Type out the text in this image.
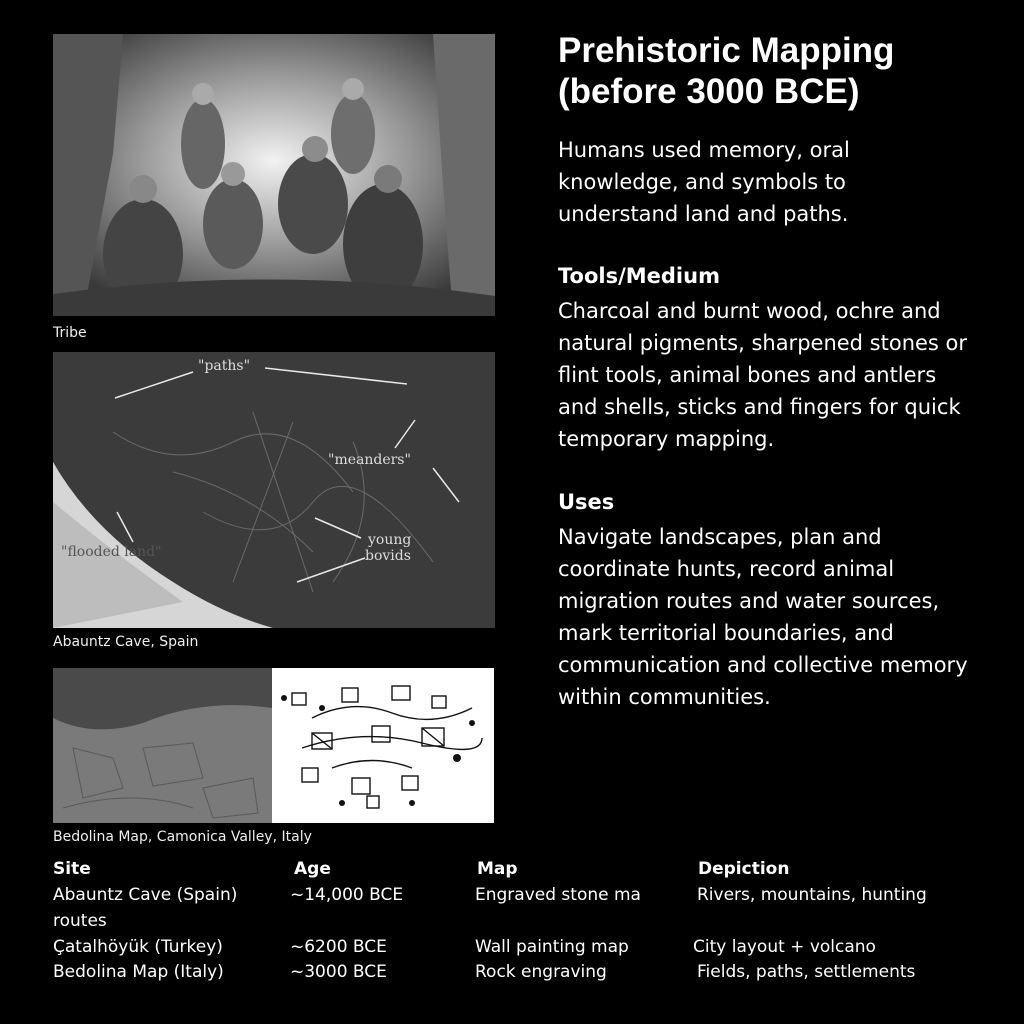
Tribe
"paths"
"meanders"
"flooded land"
young
bovids
Abauntz Cave, Spain
Bedolina Map, Camonica Valley, Italy
Prehistoric Mapping (before 3000 BCE)
Humans used memory, oral knowledge, and symbols to understand land and paths.
Tools/Medium
Charcoal and burnt wood, ochre and natural pigments, sharpened stones or flint tools, animal bones and antlers and shells, sticks and fingers for quick temporary mapping.
Uses
Navigate landscapes, plan and coordinate hunts, record animal migration routes and water sources, mark territorial boundaries, and communication and collective memory within communities.
Site	Age	Map	Depiction
Abauntz Cave (Spain)	~14,000 BCE	Engraved stone ma	Rivers, mountains, hunting
routes
Çatalhöyük (Turkey)	~6200 BCE	Wall painting map	City layout + volcano
Bedolina Map (Italy)	~3000 BCE	Rock engraving	Fields, paths, settlements
